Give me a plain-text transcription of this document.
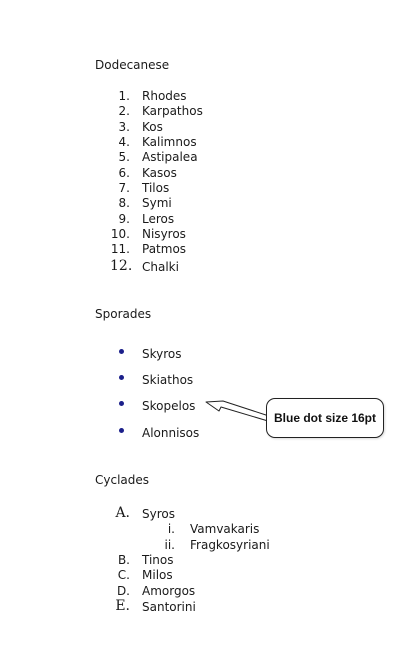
Dodecanese
1. Rhodes
2. Karpathos
3. Kos
4. Kalimnos
5. Astipalea
6. Kasos
7. Tilos
8. Symi
9. Leros
10. Nisyros
11. Patmos
12. Chalki
Sporades
Skyros
Skiathos
Skopelos
Alonnisos
Blue dot size 16pt
Cyclades
A. Syros
i. Vamvakaris
ii. Fragkosyriani
B. Tinos
C. Milos
D. Amorgos
E. Santorini
